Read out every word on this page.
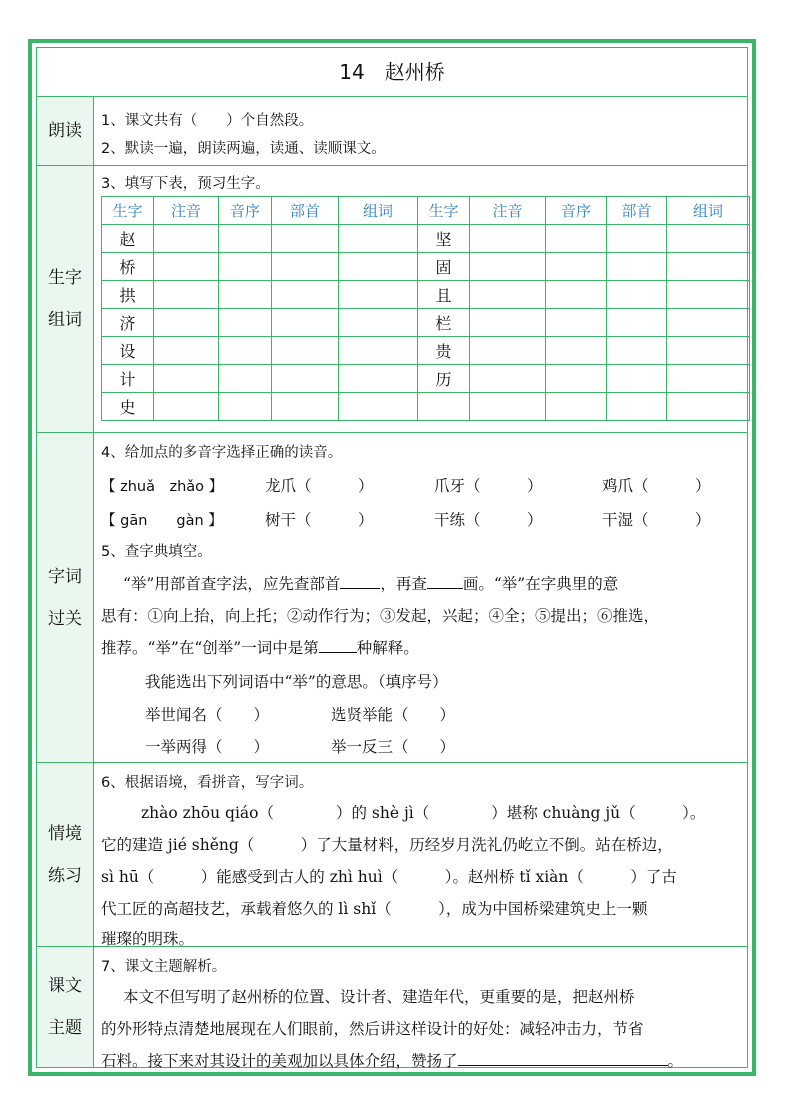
14　赵州桥
朗读 1、课文共有（　　）个自然段。
2、默读一遍，朗读两遍，读通、读顺课文。
生字
组词
3、填写下表，预习生字。
生字	注音	音序	部首	组词	生字	注音	音序	部首	组词
赵					坚				
桥					固				
拱					且				
济					栏				
设					贵				
计					历				
史									
字词
过关
4、给加点的多音字选择正确的读音。
【 zhuǎ　zhǎo 】	龙爪（　　　）	爪牙（　　　）	鸡爪（　　　）
【 gān　　gàn 】	树干（　　　）	干练（　　　）	干湿（　　　）
5、查字典填空。
“举”用部首查字法，应先查部首	，再查 画。“举”在字典里的意
思有：①向上抬，向上托；②动作行为；③发起，兴起；④全；⑤提出；⑥推选，
推荐。“举”在“创举”一词中是第 种解释。
我能选出下列词语中“举”的意思。（填序号）
举世闻名（　　）	选贤举能（　　）
一举两得（　　）	举一反三（　　）
情境
练习
6、根据语境，看拼音，写字词。
zhào zhōu qiáo（　　　　）的 shè jì（　　　　）堪称 chuàng jǔ（　　　）。
它的建造 jié shěng（　　　）了大量材料，历经岁月洗礼仍屹立不倒。站在桥边，
sì hū（　　　）能感受到古人的 zhì huì（　　　）。赵州桥 tǐ xiàn（　　　）了古
代工匠的高超技艺，承载着悠久的 lì shǐ（　　　），成为中国桥梁建筑史上一颗
璀璨的明珠。
课文
主题
7、课文主题解析。
本文不但写明了赵州桥的位置、设计者、建造年代，更重要的是，把赵州桥
的外形特点清楚地展现在人们眼前，然后讲这样设计的好处：减轻冲击力，节省
石料。接下来对其设计的美观加以具体介绍，赞扬了	。
